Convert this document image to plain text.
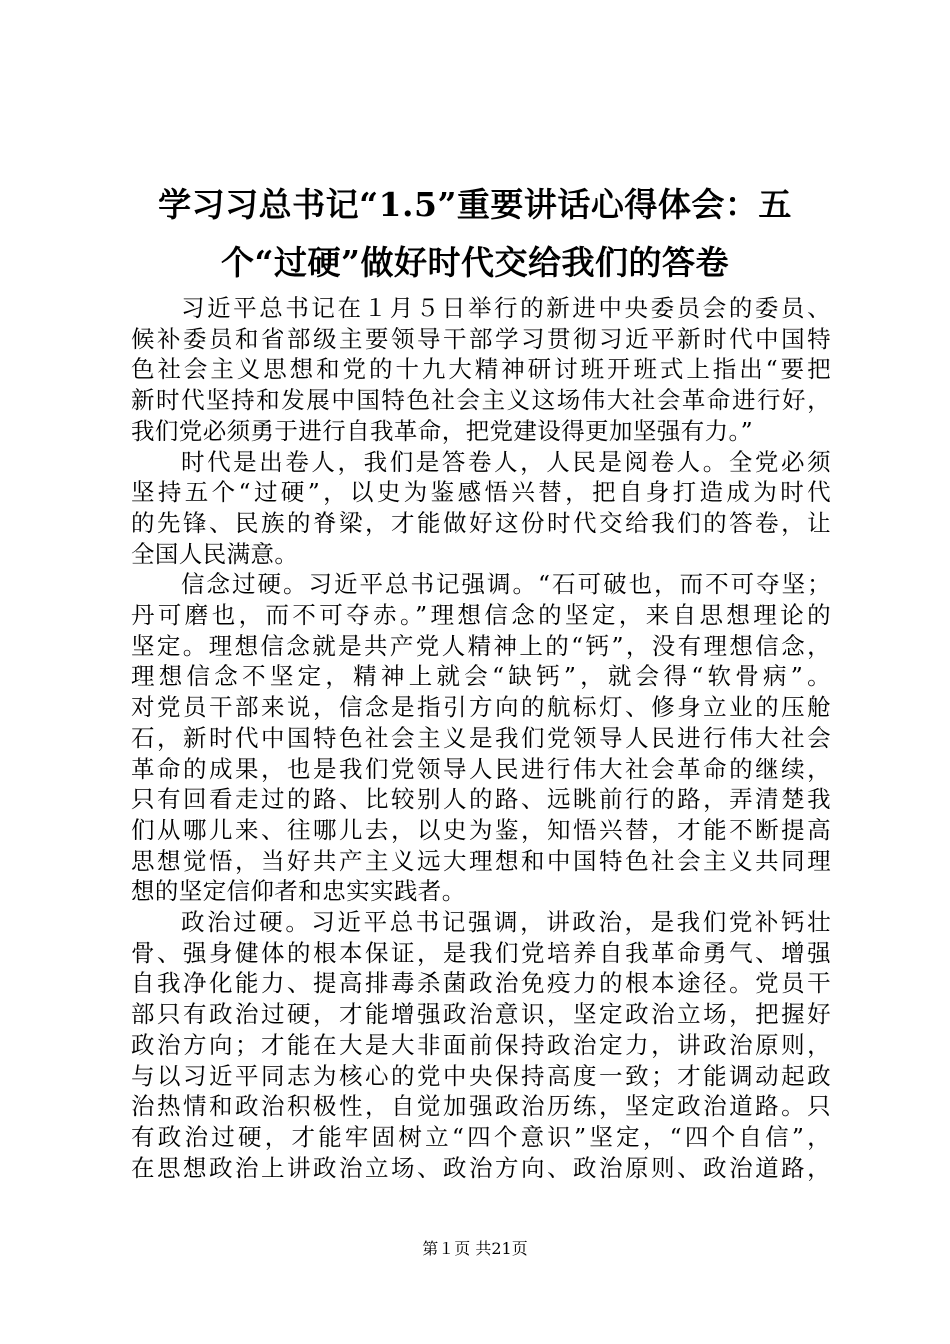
学习习总书记“1.5”重要讲话心得体会：五
个“过硬”做好时代交给我们的答卷

习近平总书记在１月５日举行的新进中央委员会的委员、
候补委员和省部级主要领导干部学习贯彻习近平新时代中国特
色社会主义思想和党的十九大精神研讨班开班式上指出“要把
新时代坚持和发展中国特色社会主义这场伟大社会革命进行好，
我们党必须勇于进行自我革命，把党建设得更加坚强有力。”

时代是出卷人，我们是答卷人，人民是阅卷人。全党必须
坚持五个“过硬”，以史为鉴感悟兴替，把自身打造成为时代
的先锋、民族的脊梁，才能做好这份时代交给我们的答卷，让
全国人民满意。

信念过硬。习近平总书记强调。“石可破也，而不可夺坚；
丹可磨也，而不可夺赤。”理想信念的坚定，来自思想理论的
坚定。理想信念就是共产党人精神上的“钙”，没有理想信念，
理想信念不坚定，精神上就会“缺钙”，就会得“软骨病”。
对党员干部来说，信念是指引方向的航标灯、修身立业的压舱
石，新时代中国特色社会主义是我们党领导人民进行伟大社会
革命的成果，也是我们党领导人民进行伟大社会革命的继续，
只有回看走过的路、比较别人的路、远眺前行的路，弄清楚我
们从哪儿来、往哪儿去，以史为鉴，知悟兴替，才能不断提高
思想觉悟，当好共产主义远大理想和中国特色社会主义共同理
想的坚定信仰者和忠实实践者。

政治过硬。习近平总书记强调，讲政治，是我们党补钙壮
骨、强身健体的根本保证，是我们党培养自我革命勇气、增强
自我净化能力、提高排毒杀菌政治免疫力的根本途径。党员干
部只有政治过硬，才能增强政治意识，坚定政治立场，把握好
政治方向；才能在大是大非面前保持政治定力，讲政治原则，
与以习近平同志为核心的党中央保持高度一致；才能调动起政
治热情和政治积极性，自觉加强政治历练，坚定政治道路。只
有政治过硬，才能牢固树立“四个意识”坚定，“四个自信”，
在思想政治上讲政治立场、政治方向、政治原则、政治道路，

第１页 共21页
